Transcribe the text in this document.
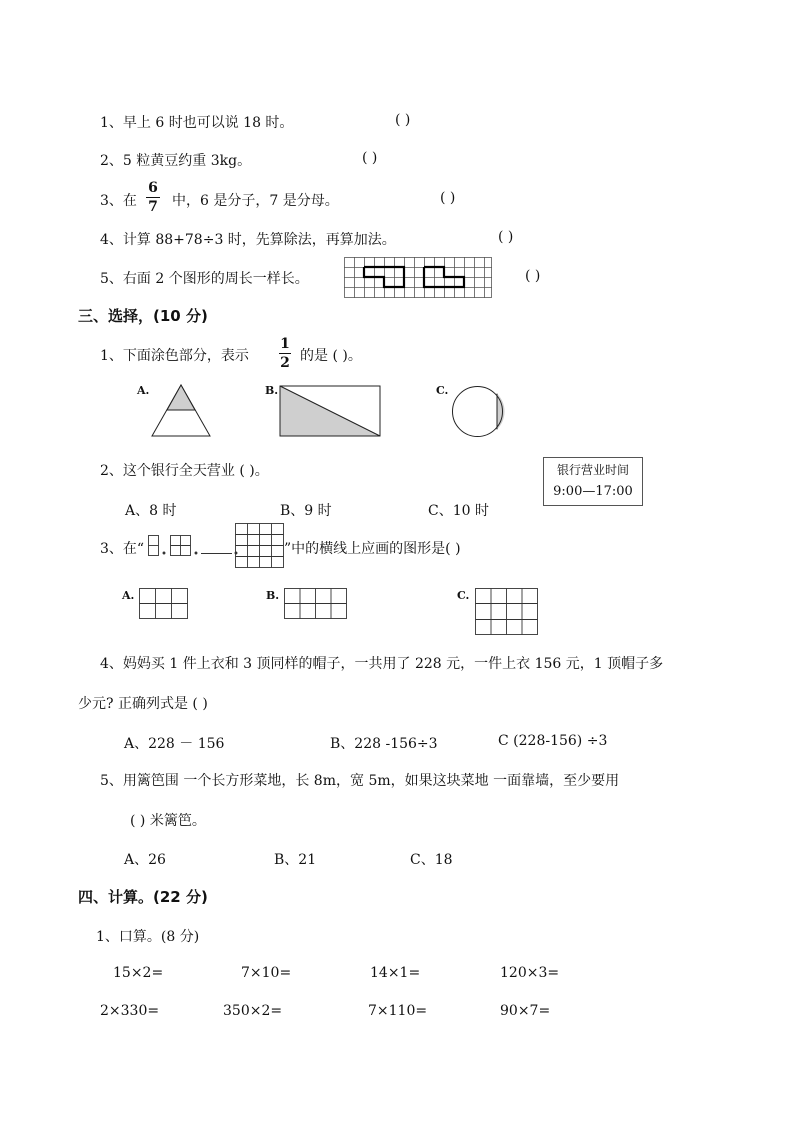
1、早上 6 时也可以说 18 时。	( )
2、5 粒黄豆约重 3kg。	( )
3、在
6
7 中，6 是分子，7 是分母。	( )
4、计算 88+78÷3 时，先算除法，再算加法。	( )
5、右面 2 个图形的周长一样长。	( )
三、选择，(10 分)
1、下面涂色部分，表示
1
2 的是 ( )。
A.	B.	C.
2、这个银行全天营业 ( )。	银行营业时间
9:00—17:00
A、8 时	B、9 时	C、10 时
3、在“	”中的横线上应画的图形是( )
A.	B.	C.
4、妈妈买 1 件上衣和 3 顶同样的帽子，一共用了 228 元，一件上衣 156 元，1 顶帽子多
少元? 正确列式是 ( )
A、228 － 156	B、228 -156÷3	C (228-156) ÷3
5、用篱笆围 一个长方形菜地，长 8m，宽 5m，如果这块菜地 一面靠墙，至少要用
( ) 米篱笆。
A、26	B、21	C、18
四、计算。(22 分)
1、口算。(8 分)
15×2=	7×10=	14×1=	120×3=
2×330=	350×2=	7×110=	90×7=
